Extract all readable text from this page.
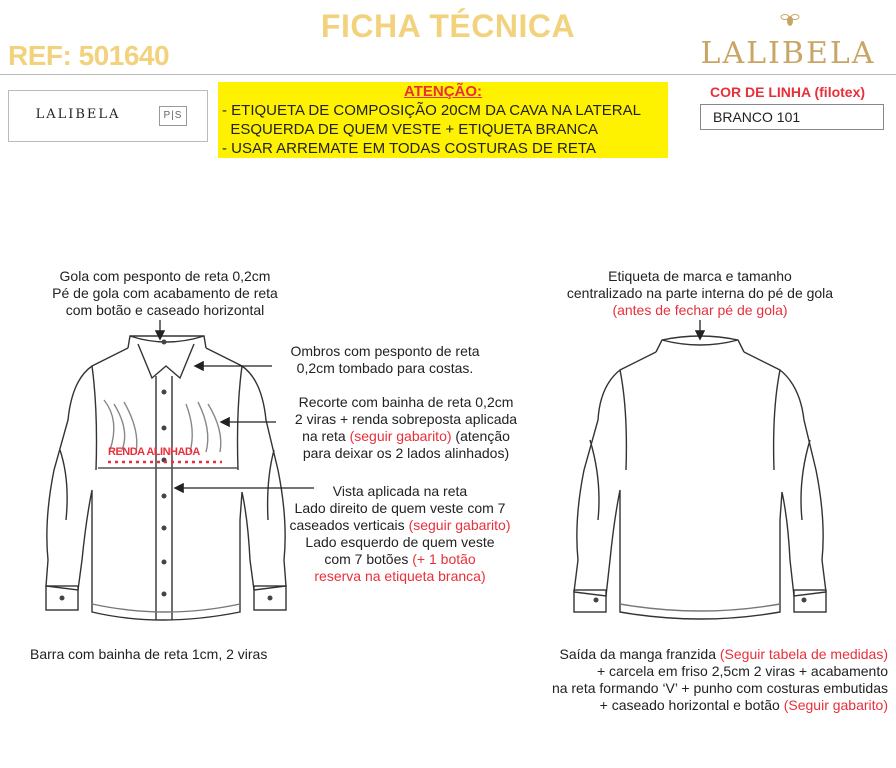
FICHA TÉCNICA
REF: 501640	LALIBELA
LALIBELA	P|S
ATENÇÃO:
- ETIQUETA DE COMPOSIÇÃO 20CM DA CAVA NA LATERAL
ESQUERDA DE QUEM VESTE + ETIQUETA BRANCA
- USAR ARREMATE EM TODAS COSTURAS DE RETA
COR DE LINHA (filotex)
BRANCO 101
Gola com pesponto de reta 0,2cm
Pé de gola com acabamento de reta
com botão e caseado horizontal
Ombros com pesponto de reta
0,2cm tombado para costas.
Recorte com bainha de reta 0,2cm
2 viras + renda sobreposta aplicada
na reta (seguir gabarito) (atenção
para deixar os 2 lados alinhados)
RENDA ALINHADA
Vista aplicada na reta
Lado direito de quem veste com 7
caseados verticais (seguir gabarito)
Lado esquerdo de quem veste
com 7 botões (+ 1 botão
reserva na etiqueta branca)
Barra com bainha de reta 1cm, 2 viras
Etiqueta de marca e tamanho
centralizado na parte interna do pé de gola
(antes de fechar pé de gola)
Saída da manga franzida (Seguir tabela de medidas)
+ carcela em friso 2,5cm 2 viras + acabamento
na reta formando ‘V’ + punho com costuras embutidas
+ caseado horizontal e botão (Seguir gabarito)
